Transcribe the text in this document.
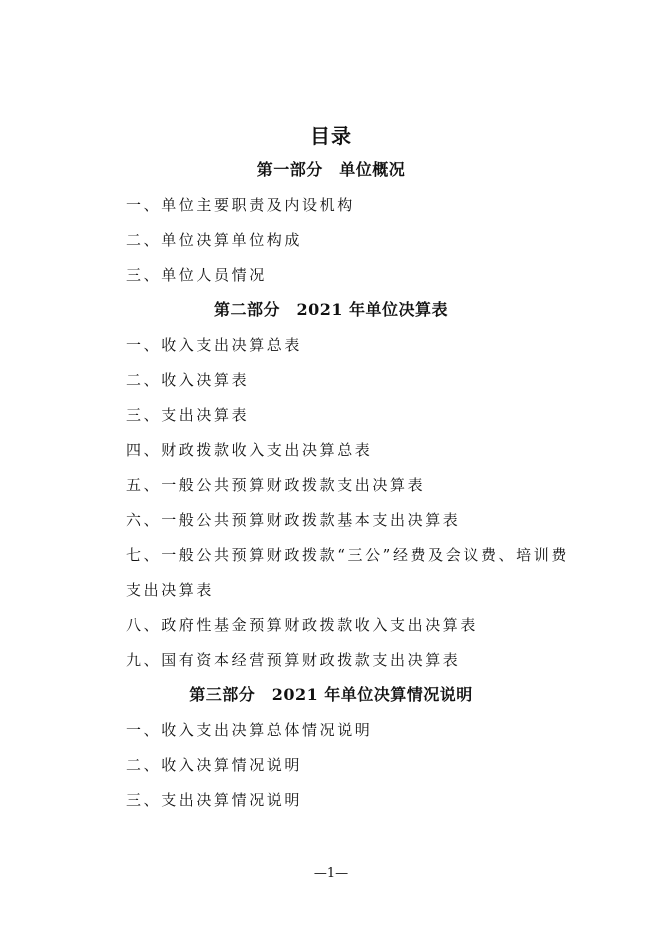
目录
第一部分　单位概况
一、单位主要职责及内设机构
二、单位决算单位构成
三、单位人员情况
第二部分　2021 年单位决算表
一、收入支出决算总表
二、收入决算表
三、支出决算表
四、财政拨款收入支出决算总表
五、一般公共预算财政拨款支出决算表
六、一般公共预算财政拨款基本支出决算表
七、一般公共预算财政拨款“三公”经费及会议费、培训费
支出决算表
八、政府性基金预算财政拨款收入支出决算表
九、国有资本经营预算财政拨款支出决算表
第三部分　2021 年单位决算情况说明
一、收入支出决算总体情况说明
二、收入决算情况说明
三、支出决算情况说明
—1—
